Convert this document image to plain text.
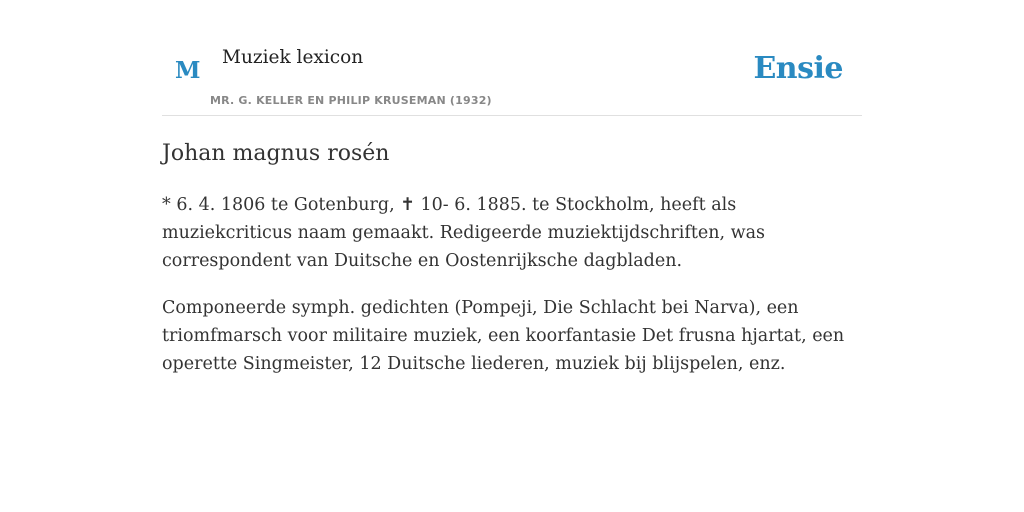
M Muziek lexicon
MR. G. KELLER EN PHILIP KRUSEMAN (1932)
Ensie
Johan magnus rosén

* 6. 4. 1806 te Gotenburg, ✝ 10- 6. 1885. te Stockholm, heeft als muziekcriticus naam gemaakt. Redigeerde muziektijdschriften, was correspondent van Duitsche en Oostenrijksche dagbladen.

Componeerde symph. gedichten (Pompeji, Die Schlacht bei Narva), een triomfmarsch voor militaire muziek, een koorfantasie Det frusna hjartat, een operette Singmeister, 12 Duitsche liederen, muziek bij blijspelen, enz.
